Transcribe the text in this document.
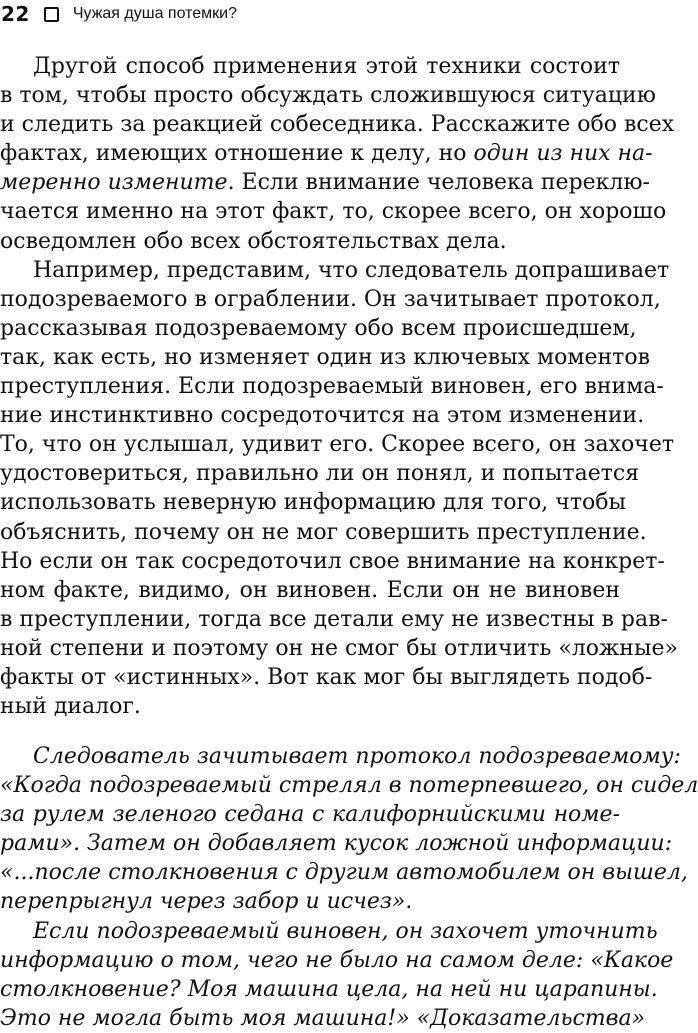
22	Чужая душа потемки?
Другой способ применения этой техники состоит
в том, чтобы просто обсуждать сложившуюся ситуацию
и следить за реакцией собеседника. Расскажите обо всех
фактах, имеющих отношение к делу, но один из них на-
меренно измените. Если внимание человека переклю-
чается именно на этот факт, то, скорее всего, он хорошо
осведомлен обо всех обстоятельствах дела.
Например, представим, что следователь допрашивает
подозреваемого в ограблении. Он зачитывает протокол,
рассказывая подозреваемому обо всем происшедшем,
так, как есть, но изменяет один из ключевых моментов
преступления. Если подозреваемый виновен, его внима-
ние инстинктивно сосредоточится на этом изменении.
То, что он услышал, удивит его. Скорее всего, он захочет
удостовериться, правильно ли он понял, и попытается
использовать неверную информацию для того, чтобы
объяснить, почему он не мог совершить преступление.
Но если он так сосредоточил свое внимание на конкрет-
ном факте, видимо, он виновен. Если он не виновен
в преступлении, тогда все детали ему не известны в рав-
ной степени и поэтому он не смог бы отличить «ложные»
факты от «истинных». Вот как мог бы выглядеть подоб-
ный диалог.
Следователь зачитывает протокол подозреваемому:
«Когда подозреваемый стрелял в потерпевшего, он сидел
за рулем зеленого седана с калифорнийскими номе-
рами». Затем он добавляет кусок ложной информации:
«...после столкновения с другим автомобилем он вышел,
перепрыгнул через забор и исчез».
Если подозреваемый виновен, он захочет уточнить
информацию о том, чего не было на самом деле: «Какое
столкновение? Моя машина цела, на ней ни царапины.
Это не могла быть моя машина!» «Доказательства»
